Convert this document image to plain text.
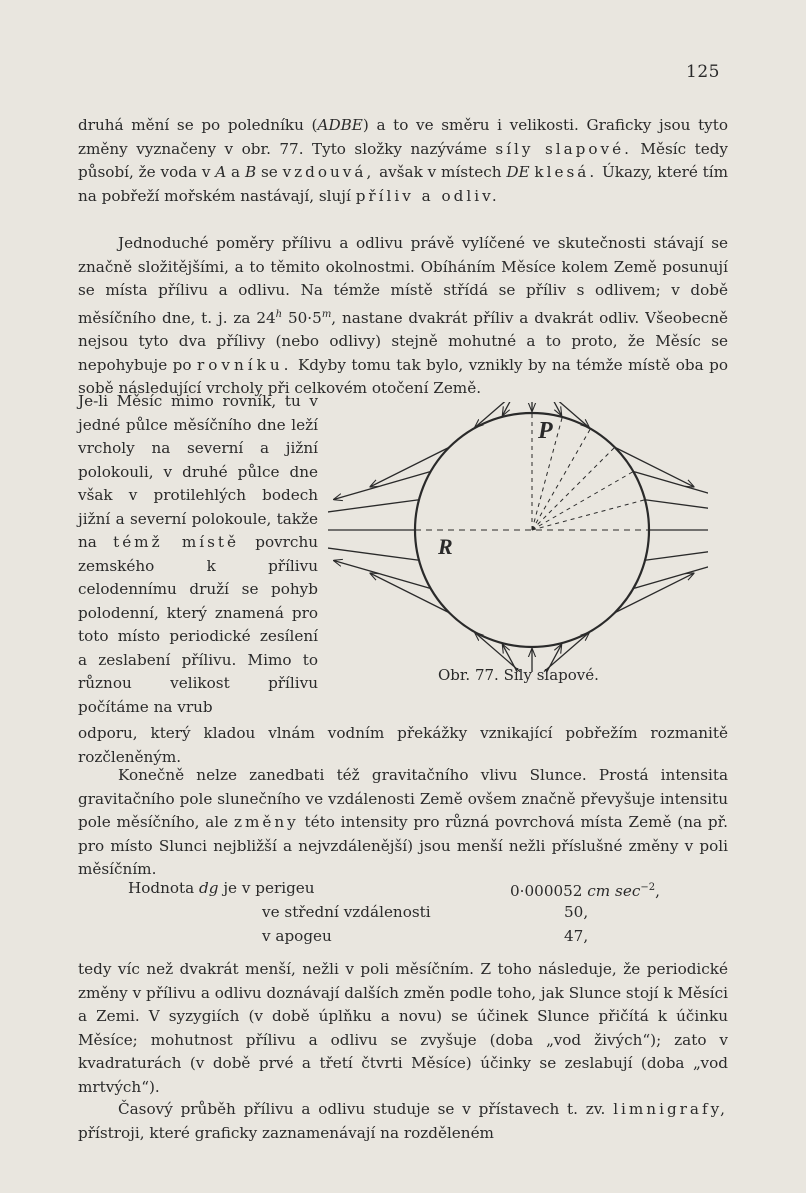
125

druhá mění se po poledníku (ADBE) a to ve směru i velikosti. Graficky jsou tyto změny vyznačeny v obr. 77. Tyto složky nazýváme síly slapové. Měsíc tedy působí, že voda v A a B se vzdouvá, avšak v místech DE klesá. Úkazy, které tím na pobřeží mořském nastávají, slují příliv a odliv.

Jednoduché poměry přílivu a odlivu právě vylíčené ve skutečnosti stávají se značně složitějšími, a to těmito okolnostmi. Obíháním Měsíce kolem Země posunují se místa přílivu a odlivu. Na témže místě střídá se příliv s odlivem; v době měsíčního dne, t. j. za 24$^h$ $50\cdot 5^m$, nastane dvakrát příliv a dvakrát odliv. Všeobecně nejsou tyto dva přílivy (nebo odlivy) stejně mohutné a to proto, že Měsíc se nepohybuje po rovníku. Kdyby tomu tak bylo, vznikly by na témže místě oba po sobě následující vrcholy při celkovém otočení Země.

Je-li Měsíc mimo rovník, tu v jedné půlce měsíčního dne leží vrcholy na severní a jižní polokouli, v druhé půlce dne však v protilehlých bodech jižní a severní polokoule, takže na témž místě povrchu zemského k přílivu celodennímu druží se pohyb polodenní, který znamená pro toto místo periodické zesílení a zeslabení přílivu. Mimo to různou velikost přílivu počítáme na vrub

P
R
Obr. 77. Síly slapové.

odporu, který kladou vlnám vodním překážky vznikající pobřežím rozmanitě rozčleněným.

Konečně nelze zanedbati též gravitačního vlivu Slunce. Prostá intensita gravitačního pole slunečního ve vzdálenosti Země ovšem značně převyšuje intensitu pole měsíčního, ale změny této intensity pro různá povrchová místa Země (na př. pro místo Slunci nejbližší a nejvzdálenější) jsou menší nežli příslušné změny v poli měsíčním.

Hodnota dg je v perigeu	0·000052 cm $\sec^{-2}$,
ve střední vzdálenosti	50,
v apogeu	47,

tedy víc než dvakrát menší, nežli v poli měsíčním. Z toho následuje, že periodické změny v přílivu a odlivu doznávají dalších změn podle toho, jak Slunce stojí k Měsíci a Zemi. V syzygiích (v době úplňku a novu) se účinek Slunce přičítá k účinku Měsíce; mohutnost přílivu a odlivu se zvyšuje (doba „vod živých“); zato v kvadraturách (v době prvé a třetí čtvrti Měsíce) účinky se zeslabují (doba „vod mrtvých“).

Časový průběh přílivu a odlivu studuje se v přístavech t. zv. limnigrafy, přístroji, které graficky zaznamenávají na rozděleném
